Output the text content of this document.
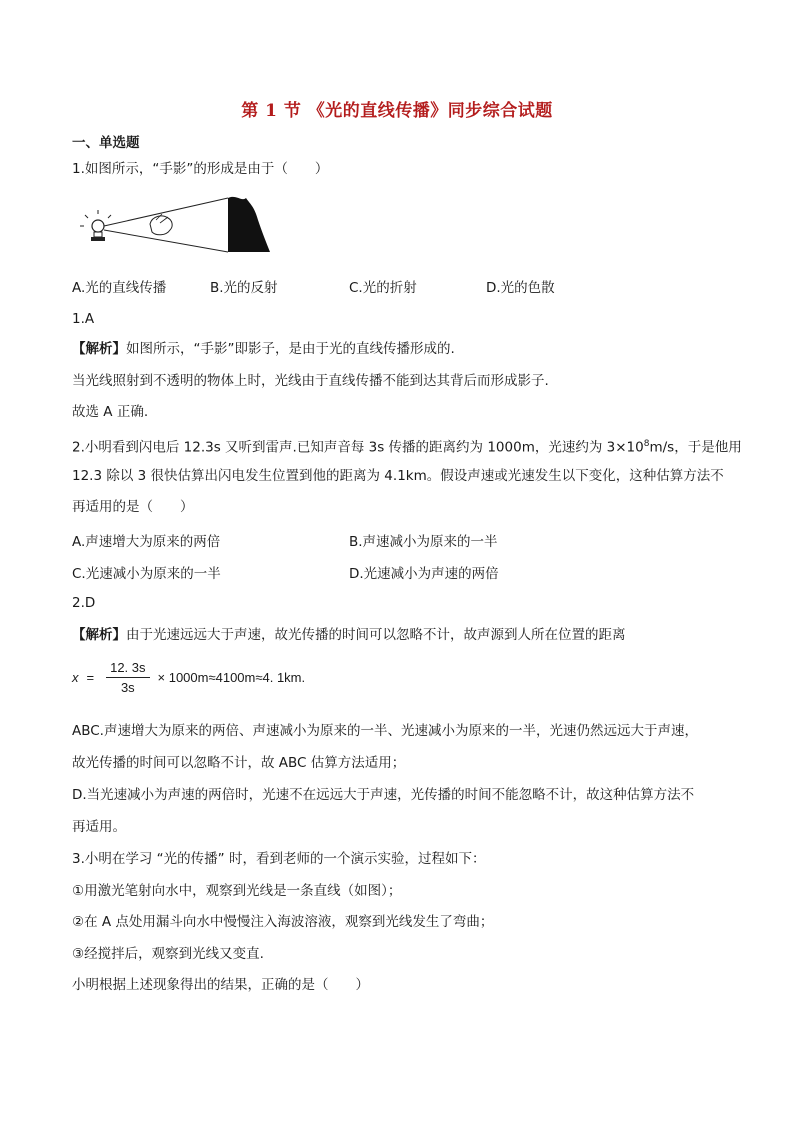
第 1 节 《光的直线传播》同步综合试题
一、单选题
1.如图所示，“手影”的形成是由于（　　）
A.光的直线传播	B.光的反射	C.光的折射	D.光的色散
1.A
【解析】如图所示，“手影”即影子，是由于光的直线传播形成的.
当光线照射到不透明的物体上时，光线由于直线传播不能到达其背后而形成影子.
故选 A 正确.
2.小明看到闪电后 12.3s 又听到雷声.已知声音每 3s 传播的距离约为 1000m，光速约为 $3\times 10^8m/s$，于是他用
12.3 除以 3 很快估算出闪电发生位置到他的距离为 4.1km。假设声速或光速发生以下变化，这种估算方法不
再适用的是（　　）
A.声速增大为原来的两倍	B.声速减小为原来的一半
C.光速减小为原来的一半	D.光速减小为声速的两倍
2.D
【解析】由于光速远远大于声速，故光传播的时间可以忽略不计，故声源到人所在位置的距离
$x = \frac{12. 3s}{3s} \times 1000m\approx 4100m\approx 4$. 1km.
ABC.声速增大为原来的两倍、声速减小为原来的一半、光速减小为原来的一半，光速仍然远远大于声速，
故光传播的时间可以忽略不计，故 ABC 估算方法适用；
D.当光速减小为声速的两倍时，光速不在远远大于声速，光传播的时间不能忽略不计，故这种估算方法不
再适用。
3.小明在学习 “光的传播” 时，看到老师的一个演示实验，过程如下：
①用激光笔射向水中，观察到光线是一条直线（如图）；
②在 A 点处用漏斗向水中慢慢注入海波溶液，观察到光线发生了弯曲；
③经搅拌后，观察到光线又变直.
小明根据上述现象得出的结果，正确的是（　　）
